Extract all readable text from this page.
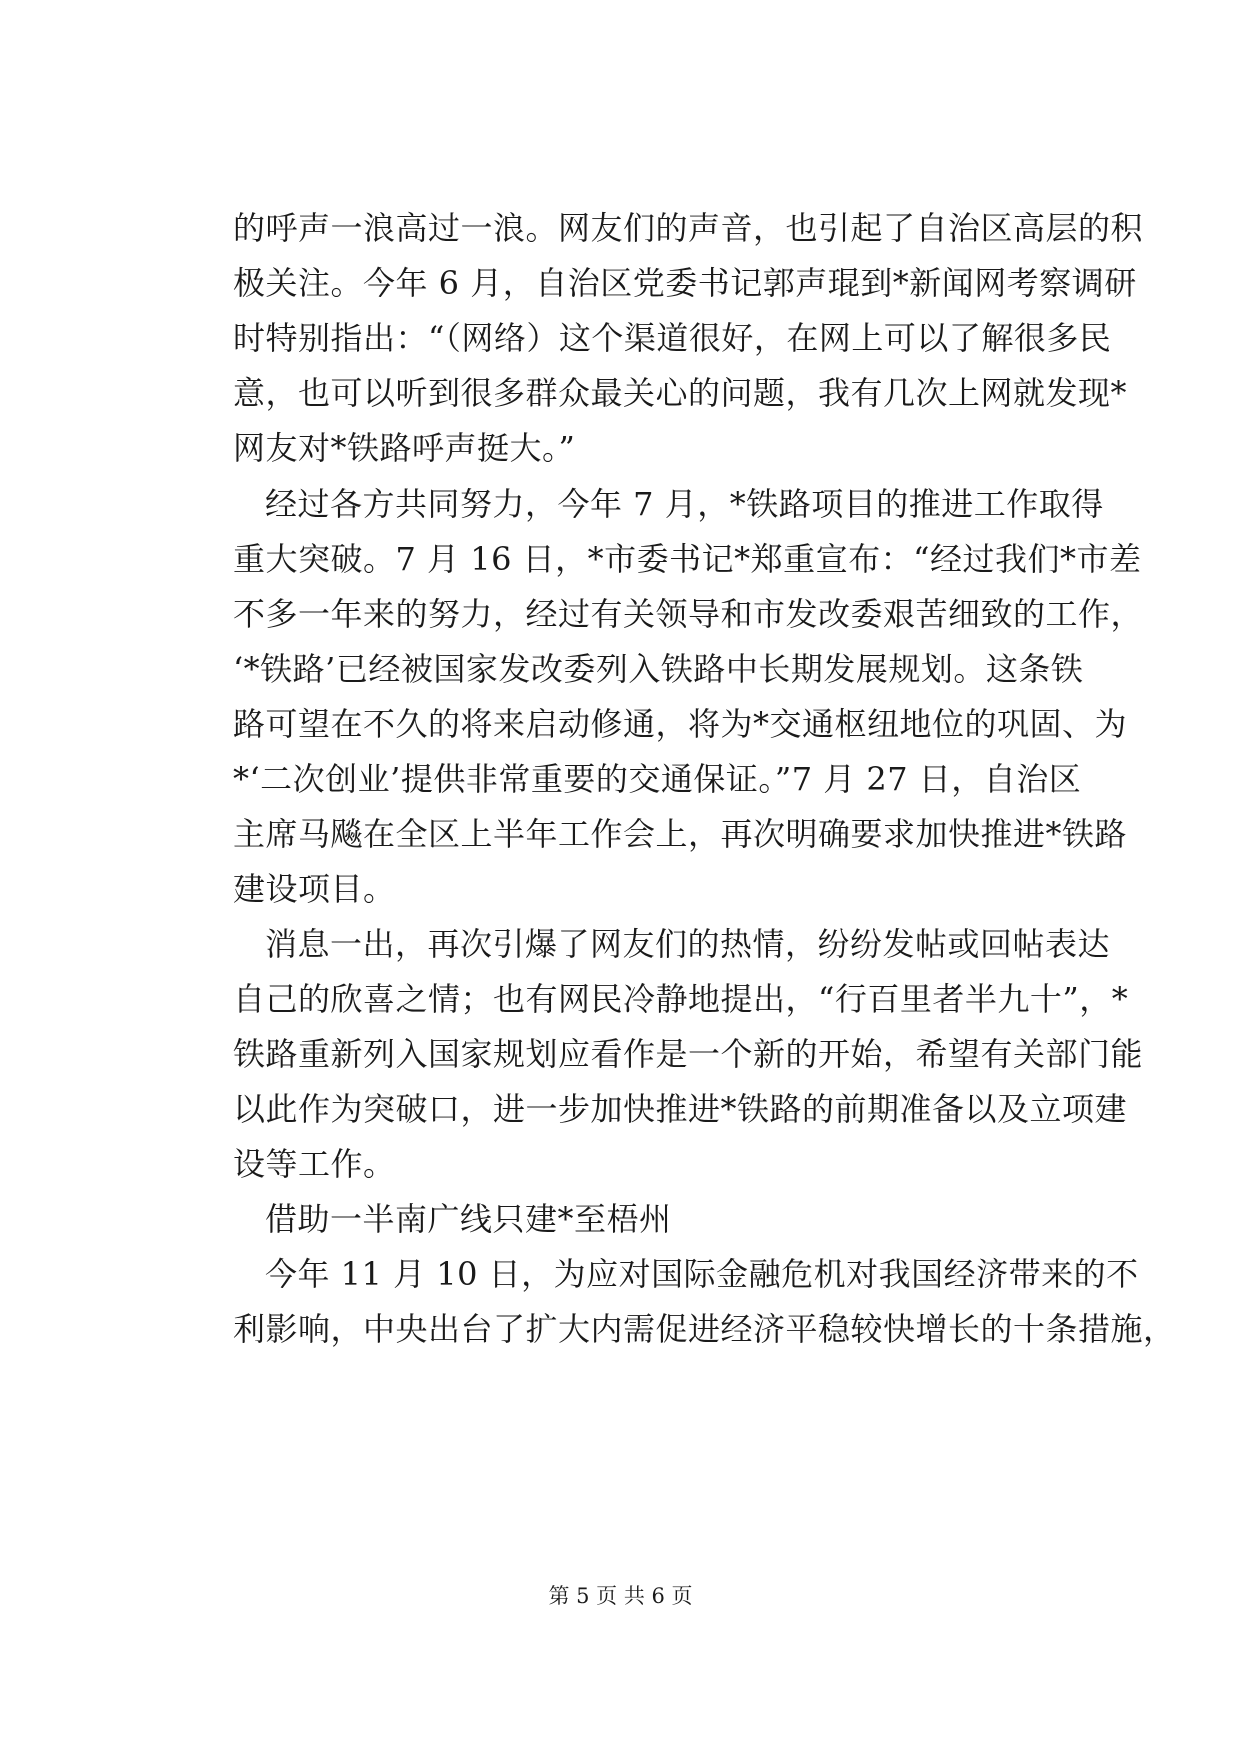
的呼声一浪高过一浪。网友们的声音，也引起了自治区高层的积
极关注。今年 6 月，自治区党委书记郭声琨到*新闻网考察调研
时特别指出：“（网络）这个渠道很好，在网上可以了解很多民
意，也可以听到很多群众最关心的问题，我有几次上网就发现*
网友对*铁路呼声挺大。”
经过各方共同努力，今年 7 月，*铁路项目的推进工作取得
重大突破。7 月 16 日，*市委书记*郑重宣布：“经过我们*市差
不多一年来的努力，经过有关领导和市发改委艰苦细致的工作，
‘*铁路’已经被国家发改委列入铁路中长期发展规划。这条铁
路可望在不久的将来启动修通，将为*交通枢纽地位的巩固、为
*‘二次创业’提供非常重要的交通保证。”7 月 27 日，自治区
主席马飚在全区上半年工作会上，再次明确要求加快推进*铁路
建设项目。
消息一出，再次引爆了网友们的热情，纷纷发帖或回帖表达
自己的欣喜之情；也有网民冷静地提出，“行百里者半九十”，*
铁路重新列入国家规划应看作是一个新的开始，希望有关部门能
以此作为突破口，进一步加快推进*铁路的前期准备以及立项建
设等工作。
借助一半南广线只建*至梧州
今年 11 月 10 日，为应对国际金融危机对我国经济带来的不
利影响，中央出台了扩大内需促进经济平稳较快增长的十条措施，
第 5 页 共 6 页
